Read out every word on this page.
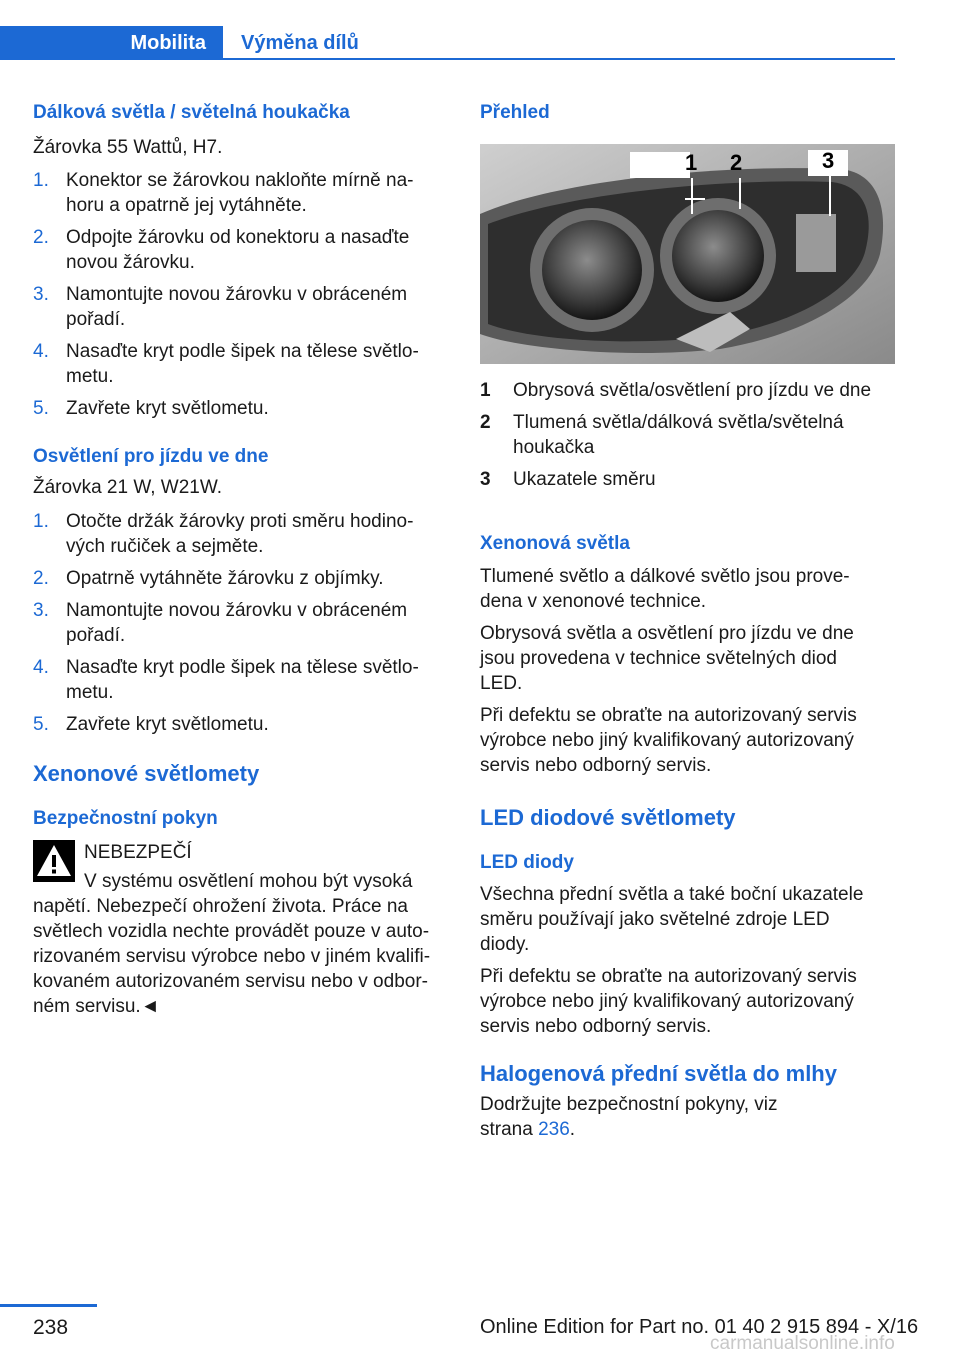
Mobilita	Výměna dílů
Dálková světla / světelná houkačka

Žárovka 55 Wattů, H7.

1. Konektor se žárovkou nakloňte mírně na‐
horu a opatrně jej vytáhněte.
2. Odpojte žárovku od konektoru a nasaďte
novou žárovku.
3. Namontujte novou žárovku v obráceném
pořadí.
4. Nasaďte kryt podle šipek na tělese světlo‐
metu.
5. Zavřete kryt světlometu.
Osvětlení pro jízdu ve dne

Žárovka 21 W, W21W.

1. Otočte držák žárovky proti směru hodino‐
vých ručiček a sejměte.
2. Opatrně vytáhněte žárovku z objímky.
3. Namontujte novou žárovku v obráceném
pořadí.
4. Nasaďte kryt podle šipek na tělese světlo‐
metu.
5. Zavřete kryt světlometu.
Xenonové světlomety
Bezpečnostní pokyn
NEBEZPEČÍ
V systému osvětlení mohou být vysoká
napětí. Nebezpečí ohrožení života. Práce na
světlech vozidla nechte provádět pouze v auto‐
rizovaném servisu výrobce nebo v jiném kvalifi‐
kovaném autorizovaném servisu nebo v odbor‐
ném servisu.◄
Přehled
1 2	3
1 Obrysová světla/osvětlení pro jízdu ve dne
2 Tlumená světla/dálková světla/světelná
houkačka
3 Ukazatele směru
Xenonová světla
Tlumené světlo a dálkové světlo jsou prove‐
dena v xenonové technice.
Obrysová světla a osvětlení pro jízdu ve dne
jsou provedena v technice světelných diod
LED.
Při defektu se obraťte na autorizovaný servis
výrobce nebo jiný kvalifikovaný autorizovaný
servis nebo odborný servis.
LED diodové světlomety
LED diody
Všechna přední světla a také boční ukazatele
směru používají jako světelné zdroje LED
diody.
Při defektu se obraťte na autorizovaný servis
výrobce nebo jiný kvalifikovaný autorizovaný
servis nebo odborný servis.
Halogenová přední světla do mlhy
Dodržujte bezpečnostní pokyny, viz
strana 236.
238	Online Edition for Part no. 01 40 2 915 894 - X/16
carmanualsonline.info
